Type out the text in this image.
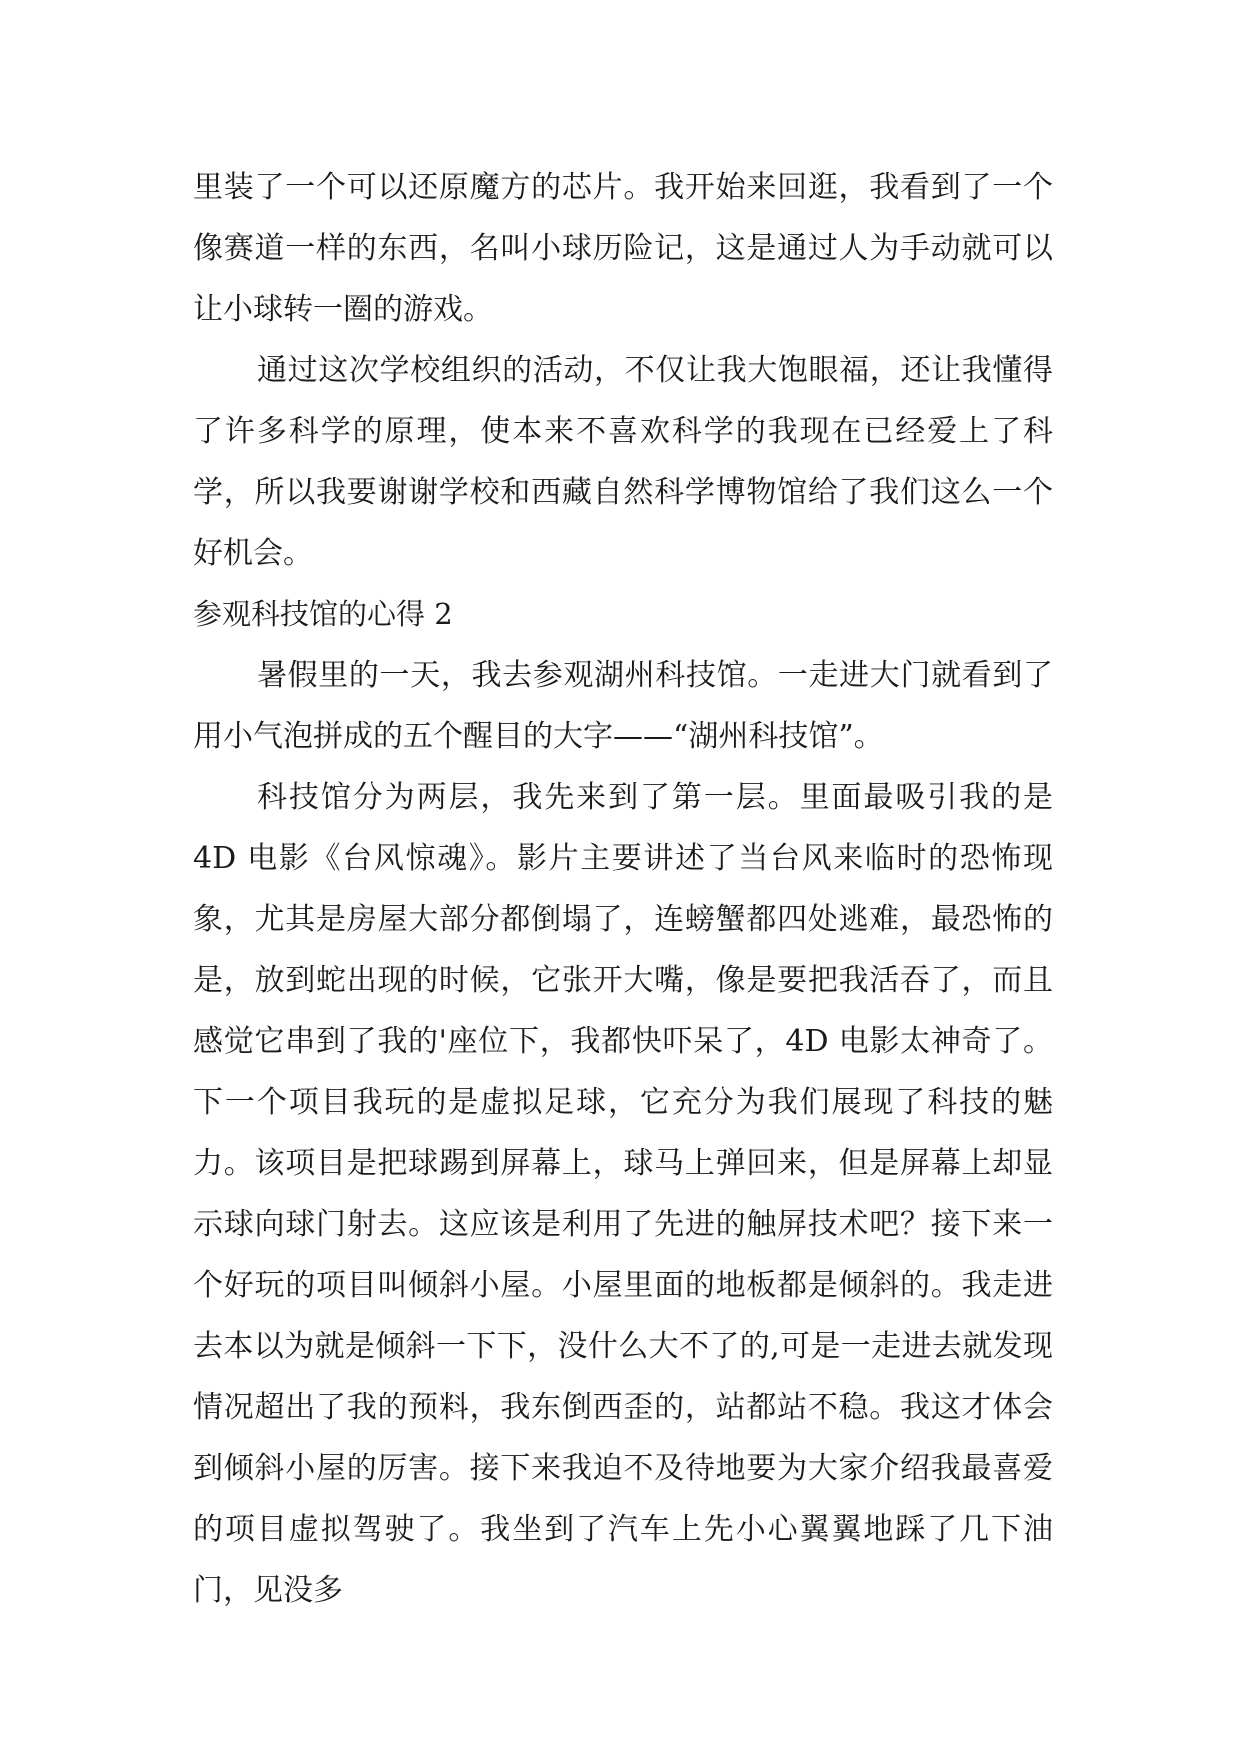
里装了一个可以还原魔方的芯片。我开始来回逛，我看到了一个像赛道一样的东西，名叫小球历险记，这是通过人为手动就可以让小球转一圈的游戏。

通过这次学校组织的活动，不仅让我大饱眼福，还让我懂得了许多科学的原理，使本来不喜欢科学的我现在已经爱上了科学，所以我要谢谢学校和西藏自然科学博物馆给了我们这么一个好机会。

参观科技馆的心得 2

暑假里的一天，我去参观湖州科技馆。一走进大门就看到了用小气泡拼成的五个醒目的大字——“湖州科技馆”。

科技馆分为两层，我先来到了第一层。里面最吸引我的是 4D 电影《台风惊魂》。影片主要讲述了当台风来临时的恐怖现象，尤其是房屋大部分都倒塌了，连螃蟹都四处逃难，最恐怖的是，放到蛇出现的时候，它张开大嘴，像是要把我活吞了，而且感觉它串到了我的'座位下，我都快吓呆了，4D 电影太神奇了。下一个项目我玩的是虚拟足球，它充分为我们展现了科技的魅力。该项目是把球踢到屏幕上，球马上弹回来，但是屏幕上却显示球向球门射去。这应该是利用了先进的触屏技术吧？接下来一个好玩的项目叫倾斜小屋。小屋里面的地板都是倾斜的。我走进去本以为就是倾斜一下下，没什么大不了的,可是一走进去就发现情况超出了我的预料，我东倒西歪的，站都站不稳。我这才体会到倾斜小屋的厉害。接下来我迫不及待地要为大家介绍我最喜爱的项目虚拟驾驶了。我坐到了汽车上先小心翼翼地踩了几下油门，见没多
